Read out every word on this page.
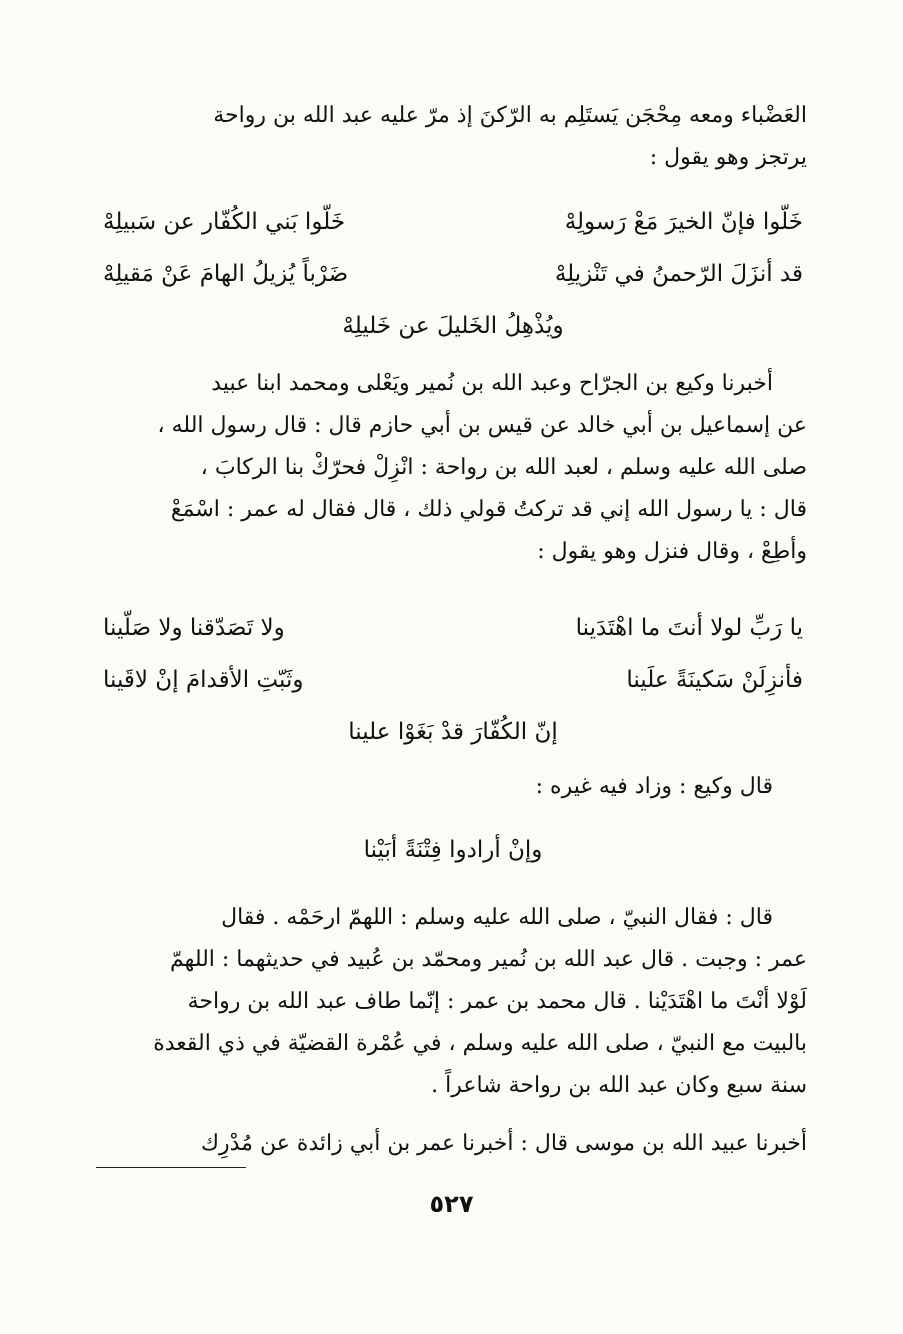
العَضْباء ومعه مِحْجَن يَستَلِم به الرّكنَ إذ مرّ عليه عبد الله بن رواحة
يرتجز وهو يقول :
خَلّوا فإنّ الخيرَ مَعْ رَسولِهْ
خَلّوا بَني الكُفّار عن سَبيلِهْ
قد أنزَلَ الرّحمنُ في تَنْزيلِهْ
ضَرْباً يُزيلُ الهامَ عَنْ مَقيلِهْ
ويُذْهِلُ الخَليلَ عن خَليلِهْ
أخبرنا وكيع بن الجرّاح وعبد الله بن نُمير ويَعْلى ومحمد ابنا عبيد
عن إسماعيل بن أبي خالد عن قيس بن أبي حازم قال : قال رسول الله ،
صلى الله عليه وسلم ، لعبد الله بن رواحة : انْزِلْ فحرّكْ بنا الركابَ ،
قال : يا رسول الله إني قد تركتُ قولي ذلك ، قال فقال له عمر : اسْمَعْ
وأطِعْ ، وقال فنزل وهو يقول :
يا رَبِّ لولا أنتَ ما اهْتَدَينا
ولا تَصَدّقنا ولا صَلّينا
فأنزِلَنْ سَكينَةً علَينا
وثَبّتِ الأقدامَ إنْ لاقَينا
إنّ الكُفّارَ قدْ بَغَوْا علينا
قال وكيع : وزاد فيه غيره :
وإنْ أرادوا فِتْنَةً أبَيْنا
قال : فقال النبيّ ، صلى الله عليه وسلم : اللهمّ ارحَمْه . فقال
عمر : وجبت . قال عبد الله بن نُمير ومحمّد بن عُبيد في حديثهما : اللهمّ
لَوْلا أنْتَ ما اهْتَدَيْنا . قال محمد بن عمر : إنّما طاف عبد الله بن رواحة
بالبيت مع النبيّ ، صلى الله عليه وسلم ، في عُمْرة القضيّة في ذي القعدة
سنة سبع وكان عبد الله بن رواحة شاعراً .
أخبرنا عبيد الله بن موسى قال : أخبرنا عمر بن أبي زائدة عن مُدْرِك
٥٢٧
